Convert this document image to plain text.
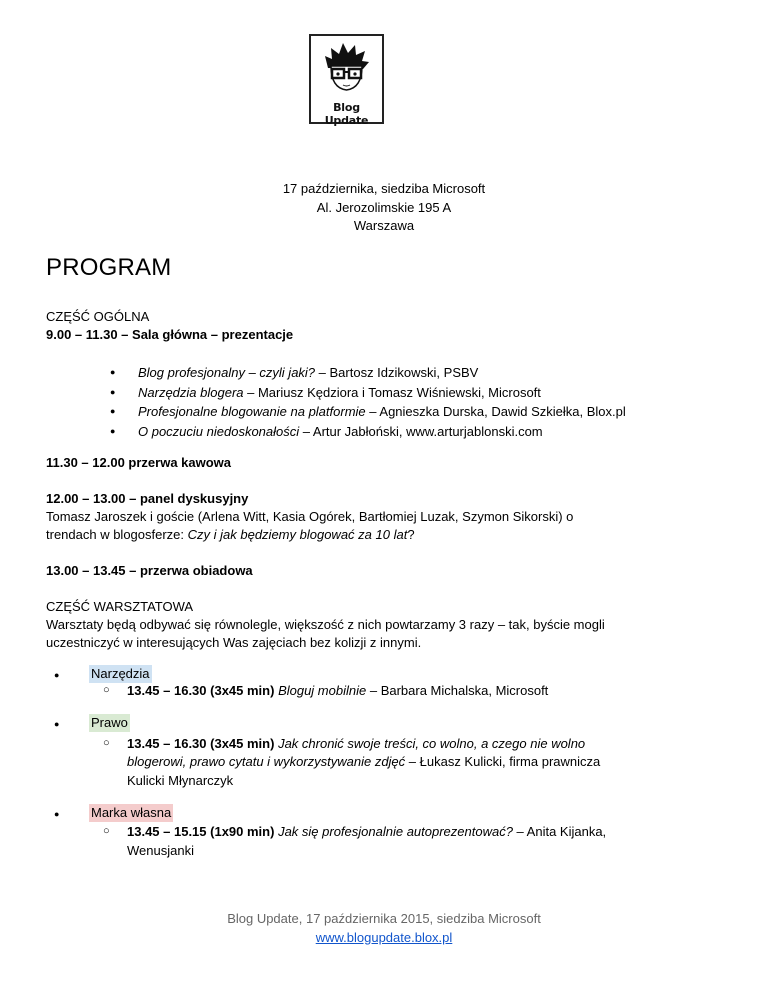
Blog Update
17 października, siedziba Microsoft
Al. Jerozolimskie 195 A
Warszawa
PROGRAM
CZĘŚĆ OGÓLNA
9.00 – 11.30 – Sala główna – prezentacje
● Blog profesjonalny – czyli jaki? – Bartosz Idzikowski, PSBV
● Narzędzia blogera – Mariusz Kędziora i Tomasz Wiśniewski, Microsoft
● Profesjonalne blogowanie na platformie – Agnieszka Durska, Dawid Szkiełka, Blox.pl
● O poczuciu niedoskonałości – Artur Jabłoński, www.arturjablonski.com
11.30 – 12.00 przerwa kawowa
12.00 – 13.00 – panel dyskusyjny
Tomasz Jaroszek i goście (Arlena Witt, Kasia Ogórek, Bartłomiej Luzak, Szymon Sikorski) o
trendach w blogosferze: Czy i jak będziemy blogować za 10 lat?
13.00 – 13.45 – przerwa obiadowa
CZĘŚĆ WARSZTATOWA
Warsztaty będą odbywać się równolegle, większość z nich powtarzamy 3 razy – tak, byście mogli
uczestniczyć w interesujących Was zajęciach bez kolizji z innymi.
● Narzędzia
○ 13.45 – 16.30 (3x45 min) Bloguj mobilnie – Barbara Michalska, Microsoft
● Prawo
○ 13.45 – 16.30 (3x45 min) Jak chronić swoje treści, co wolno, a czego nie wolno
blogerowi, prawo cytatu i wykorzystywanie zdjęć – Łukasz Kulicki, firma prawnicza
Kulicki Młynarczyk
● Marka własna
○ 13.45 – 15.15 (1x90 min) Jak się profesjonalnie autoprezentować? – Anita Kijanka,
Wenusjanki
Blog Update, 17 października 2015, siedziba Microsoft
www.blogupdate.blox.pl
